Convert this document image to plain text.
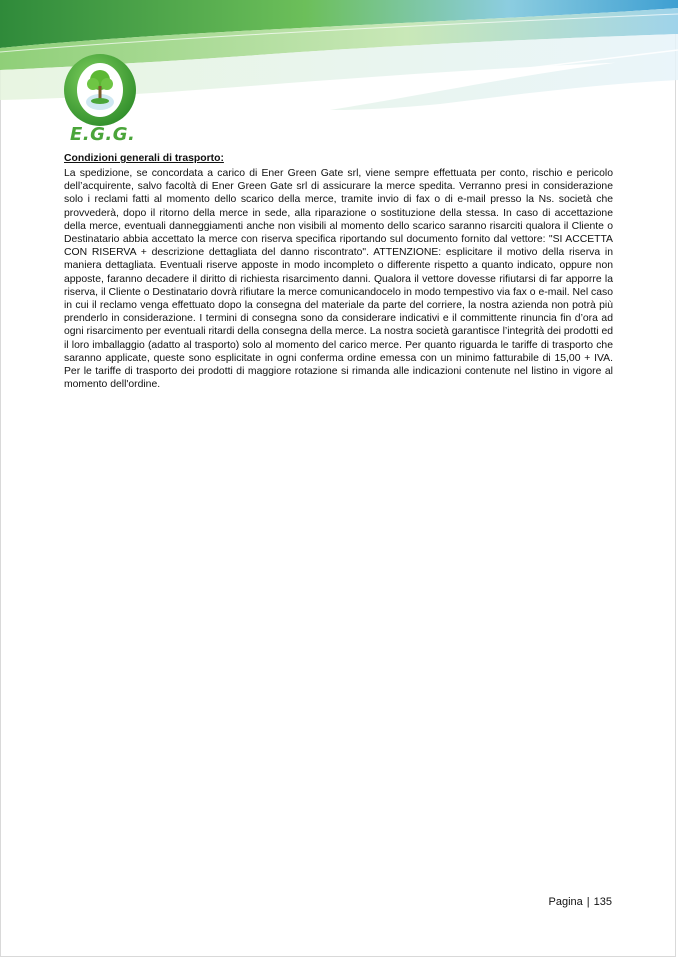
E.G.G.
Condizioni generali di trasporto:

La spedizione, se concordata a carico di Ener Green Gate srl, viene sempre effettuata per conto, rischio e pericolo dell’acquirente, salvo facoltà di Ener Green Gate srl di assicurare la merce spedita. Verranno presi in considerazione solo i reclami fatti al momento dello scarico della merce, tramite invio di fax o di e-mail presso la Ns. società che provvederà, dopo il ritorno della merce in sede, alla riparazione o sostituzione della stessa. In caso di accettazione della merce, eventuali danneggiamenti anche non visibili al momento dello scarico saranno risarciti qualora il Cliente o Destinatario abbia accettato la merce con riserva specifica riportando sul documento fornito dal vettore: "SI ACCETTA CON RISERVA + descrizione dettagliata del danno riscontrato". ATTENZIONE: esplicitare il motivo della riserva in maniera dettagliata. Eventuali riserve apposte in modo incompleto o differente rispetto a quanto indicato, oppure non apposte, faranno decadere il diritto di richiesta risarcimento danni. Qualora il vettore dovesse rifiutarsi di far apporre la riserva, il Cliente o Destinatario dovrà rifiutare la merce comunicandocelo in modo tempestivo via fax o e-mail. Nel caso in cui il reclamo venga effettuato dopo la consegna del materiale da parte del corriere, la nostra azienda non potrà più prenderlo in considerazione. I termini di consegna sono da considerare indicativi e il committente rinuncia fin d’ora ad ogni risarcimento per eventuali ritardi della consegna della merce. La nostra società garantisce l’integrità dei prodotti ed il loro imballaggio (adatto al trasporto) solo al momento del carico merce. Per quanto riguarda le tariffe di trasporto che saranno applicate, queste sono esplicitate in ogni conferma ordine emessa con un minimo fatturabile di 15,00 + IVA. Per le tariffe di trasporto dei prodotti di maggiore rotazione si rimanda alle indicazioni contenute nel listino in vigore al momento dell'ordine.

Pagina | 135
